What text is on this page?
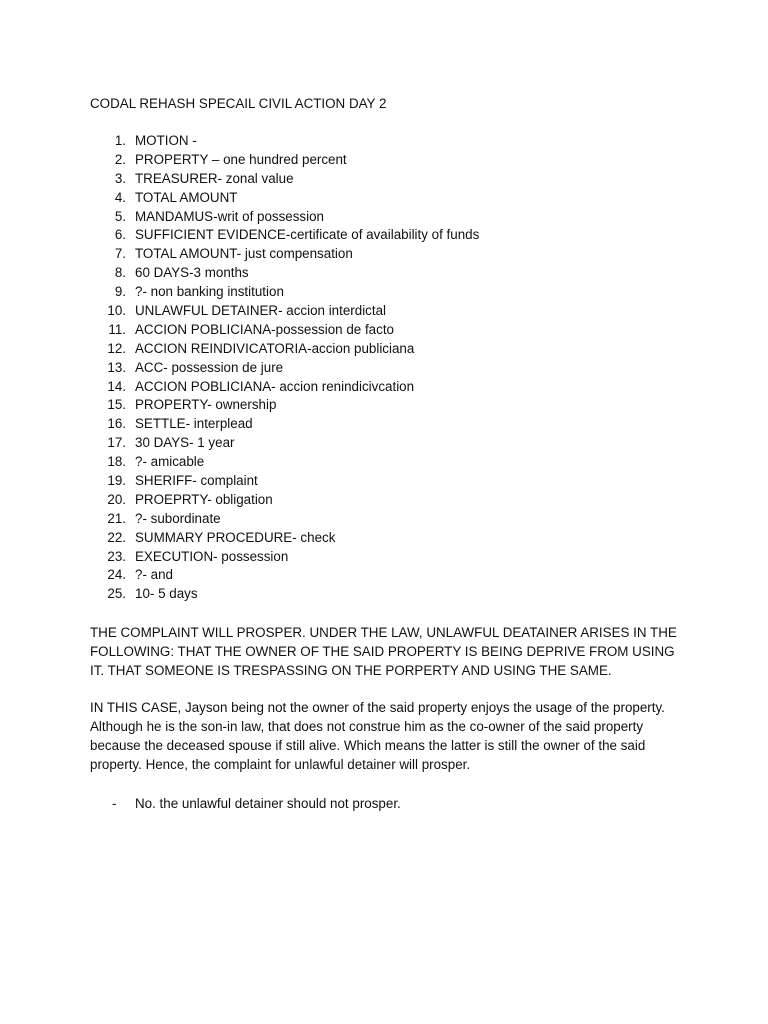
CODAL REHASH SPECAIL CIVIL ACTION DAY 2
1. MOTION -
2. PROPERTY – one hundred percent
3. TREASURER- zonal value
4. TOTAL AMOUNT
5. MANDAMUS-writ of possession
6. SUFFICIENT EVIDENCE-certificate of availability of funds
7. TOTAL AMOUNT- just compensation
8. 60 DAYS-3 months
9. ?- non banking institution
10. UNLAWFUL DETAINER- accion interdictal
11. ACCION POBLICIANA-possession de facto
12. ACCION REINDIVICATORIA-accion publiciana
13. ACC- possession de jure
14. ACCION POBLICIANA- accion renindicivcation
15. PROPERTY- ownership
16. SETTLE- interplead
17. 30 DAYS- 1 year
18. ?- amicable
19. SHERIFF- complaint
20. PROEPRTY- obligation
21. ?- subordinate
22. SUMMARY PROCEDURE- check
23. EXECUTION- possession
24. ?- and
25. 10- 5 days

THE COMPLAINT WILL PROSPER. UNDER THE LAW, UNLAWFUL DEATAINER ARISES IN THE FOLLOWING: THAT THE OWNER OF THE SAID PROPERTY IS BEING DEPRIVE FROM USING IT. THAT SOMEONE IS TRESPASSING ON THE PORPERTY AND USING THE SAME.

IN THIS CASE, Jayson being not the owner of the said property enjoys the usage of the property. Although he is the son-in law, that does not construe him as the co-owner of the said property because the deceased spouse if still alive. Which means the latter is still the owner of the said property. Hence, the complaint for unlawful detainer will prosper.

- No. the unlawful detainer should not prosper.
